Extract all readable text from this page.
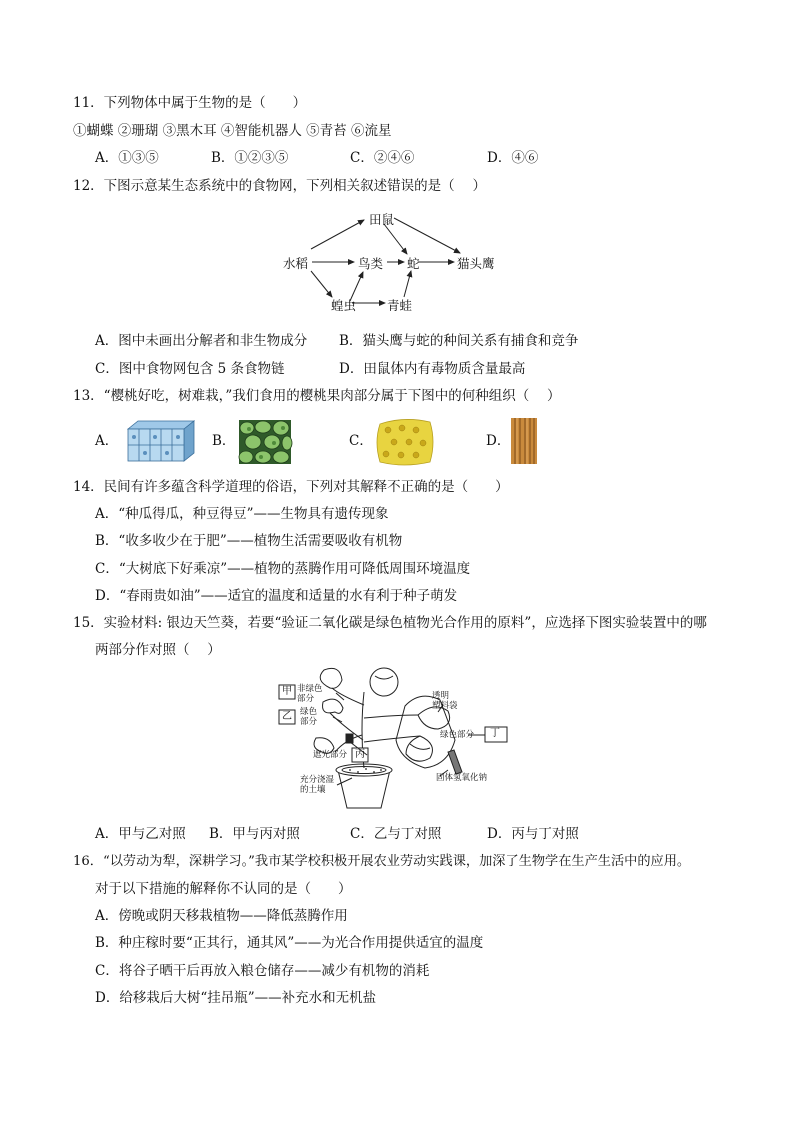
11．下列物体中属于生物的是（　　）
①蝴蝶 ②珊瑚 ③黑木耳 ④智能机器人 ⑤青苔 ⑥流星
A．①③⑤	B．①②③⑤	C．②④⑥	D．④⑥
12．下图示意某生态系统中的食物网，下列相关叙述错误的是（　 ）
田鼠
水稻	鸟类 蛇	猫头鹰
蝗虫 青蛙
A．图中未画出分解者和非生物成分 B．猫头鹰与蛇的种间关系有捕食和竞争
C．图中食物网包含 5 条食物链	D．田鼠体内有毒物质含量最高
13．“樱桃好吃，树难栽，”我们食用的樱桃果肉部分属于下图中的何种组织（　 ）
A．	B．	C．	D．
14．民间有许多蕴含科学道理的俗语，下列对其解释不正确的是（　　）
A．“种瓜得瓜，种豆得豆”——生物具有遗传现象
B．“收多收少在于肥”——植物生活需要吸收有机物
C．“大树底下好乘凉”——植物的蒸腾作用可降低周围环境温度
D．“春雨贵如油”——适宜的温度和适量的水有利于种子萌发
15．实验材料: 银边天竺葵，若要“验证二氧化碳是绿色植物光合作用的原料”，应选择下图实验装置中的哪
两部分作对照（　 ）
甲
乙
丙
丁
非绿色
部分
绿色
部分
透明
塑料袋
绿色部分
遮光部分
固体氢氧化钠
充分浇湿
的土壤
A．甲与乙对照 B．甲与丙对照	C．乙与丁对照	D．丙与丁对照
16．“以劳动为犁，深耕学习。”我市某学校积极开展农业劳动实践课，加深了生物学在生产生活中的应用。
对于以下措施的解释你不认同的是（　　）
A．傍晚或阴天移栽植物——降低蒸腾作用
B．种庄稼时要“正其行，通其风”——为光合作用提供适宜的温度
C．将谷子晒干后再放入粮仓储存——减少有机物的消耗
D．给移栽后大树“挂吊瓶”——补充水和无机盐
